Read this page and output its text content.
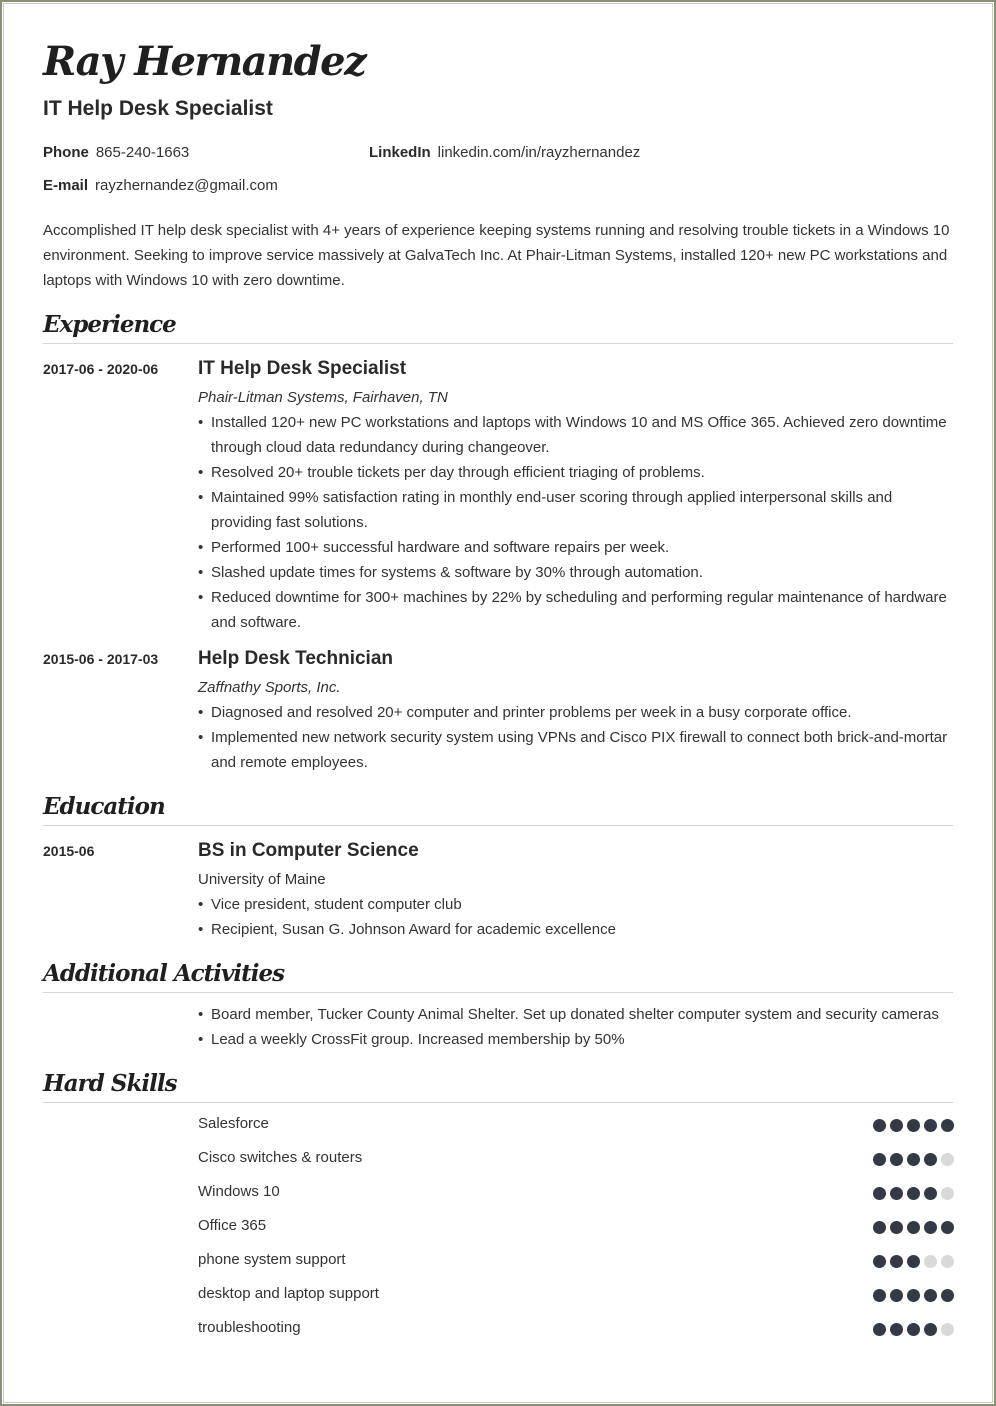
Ray Hernandez
IT Help Desk Specialist
Phone 865-240-1663	LinkedIn linkedin.com/in/rayzhernandez
E-mail rayzhernandez@gmail.com
Accomplished IT help desk specialist with 4+ years of experience keeping systems running and resolving trouble tickets in a Windows 10 environment. Seeking to improve service massively at GalvaTech Inc. At Phair-Litman Systems, installed 120+ new PC workstations and laptops with Windows 10 with zero downtime.
Experience
2017-06 - 2020-06 IT Help Desk Specialist
Phair-Litman Systems, Fairhaven, TN
• Installed 120+ new PC workstations and laptops with Windows 10 and MS Office 365. Achieved zero downtime through cloud data redundancy during changeover.
• Resolved 20+ trouble tickets per day through efficient triaging of problems.
• Maintained 99% satisfaction rating in monthly end-user scoring through applied interpersonal skills and providing fast solutions.
• Performed 100+ successful hardware and software repairs per week.
• Slashed update times for systems & software by 30% through automation.
• Reduced downtime for 300+ machines by 22% by scheduling and performing regular maintenance of hardware and software.
2015-06 - 2017-03 Help Desk Technician
Zaffnathy Sports, Inc.
• Diagnosed and resolved 20+ computer and printer problems per week in a busy corporate office.
• Implemented new network security system using VPNs and Cisco PIX firewall to connect both brick-and-mortar and remote employees.
Education
2015-06	BS in Computer Science
University of Maine
• Vice president, student computer club
• Recipient, Susan G. Johnson Award for academic excellence
Additional Activities
• Board member, Tucker County Animal Shelter. Set up donated shelter computer system and security cameras
• Lead a weekly CrossFit group. Increased membership by 50%
Hard Skills
Salesforce
Cisco switches & routers
Windows 10
Office 365
phone system support
desktop and laptop support
troubleshooting
